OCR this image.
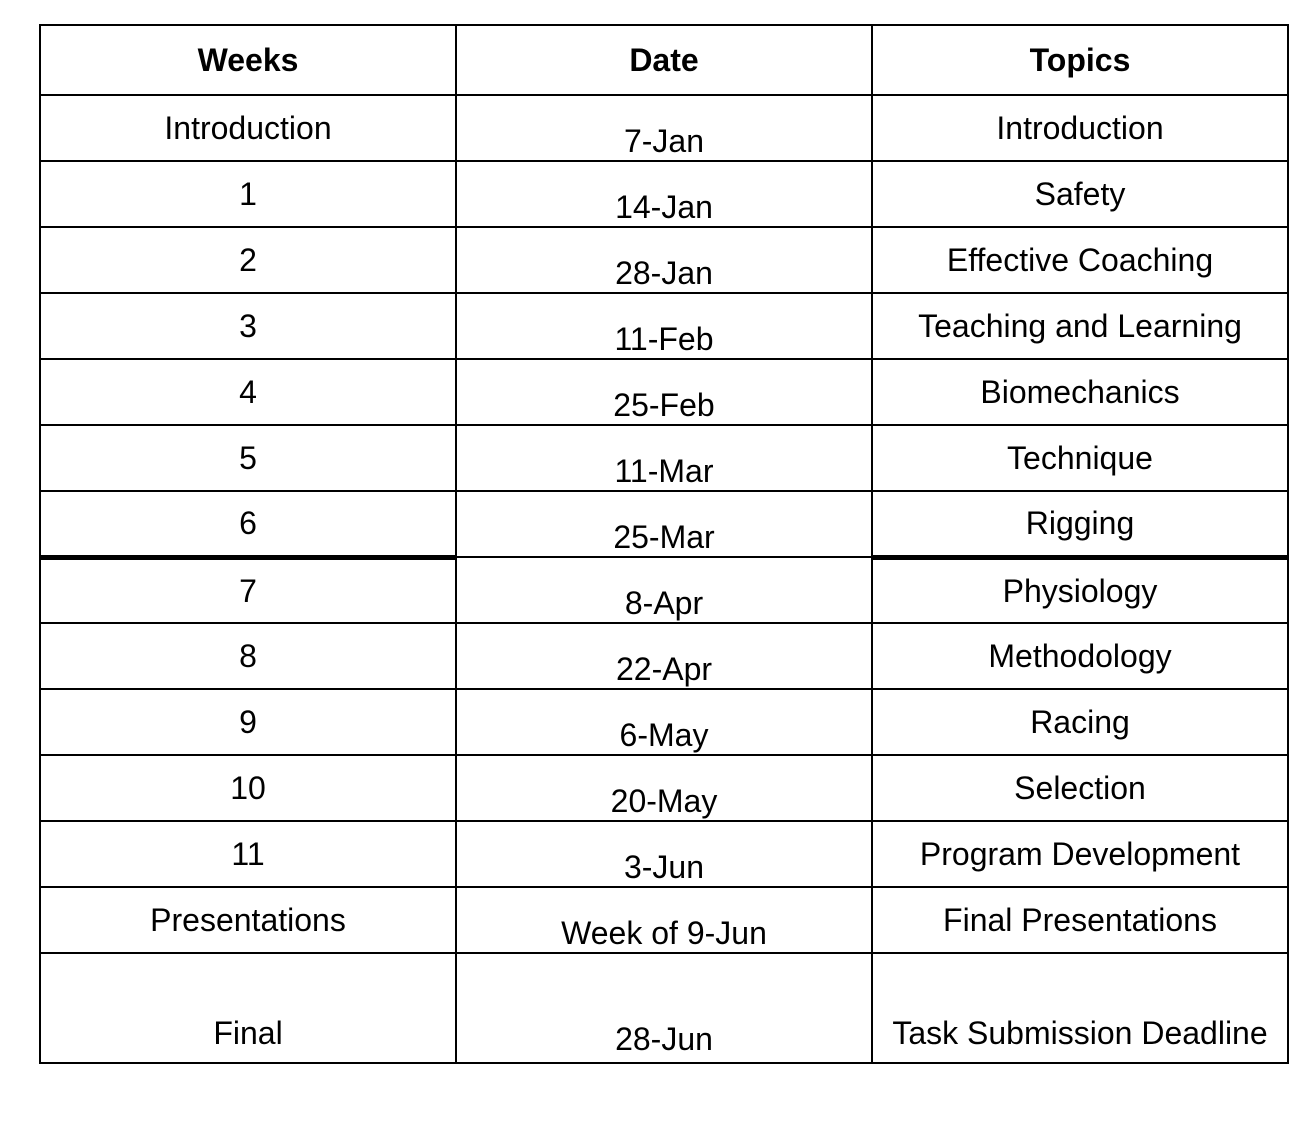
Weeks	Date	Topics
Introduction	7-Jan	Introduction
1	14-Jan	Safety
2	28-Jan	Effective Coaching
3	11-Feb	Teaching and Learning
4	25-Feb	Biomechanics
5	11-Mar	Technique
6	25-Mar	Rigging
7	8-Apr	Physiology
8	22-Apr	Methodology
9	6-May	Racing
10	20-May	Selection
11	3-Jun	Program Development
Presentations	Week of 9-Jun	Final Presentations
Final	28-Jun	Task Submission Deadline
